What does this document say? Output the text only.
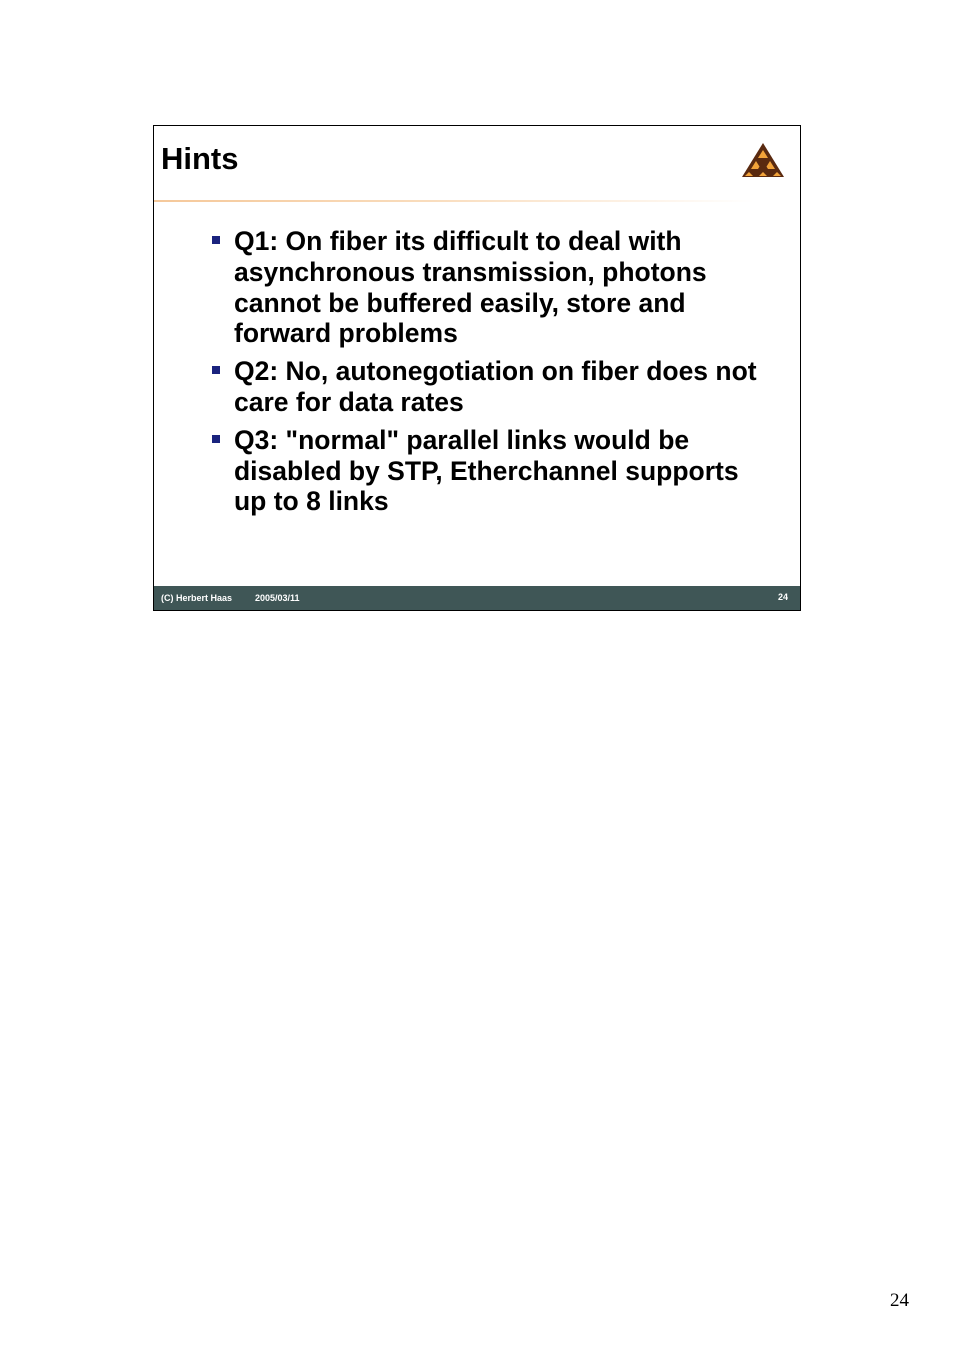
Hints
Q1: On fiber its difficult to deal with asynchronous transmission, photons cannot be buffered easily, store and forward problems
Q2: No, autonegotiation on fiber does not care for data rates
Q3: "normal" parallel links would be disabled by STP, Etherchannel supports up to 8 links
(C) Herbert Haas	2005/03/11	24
24
